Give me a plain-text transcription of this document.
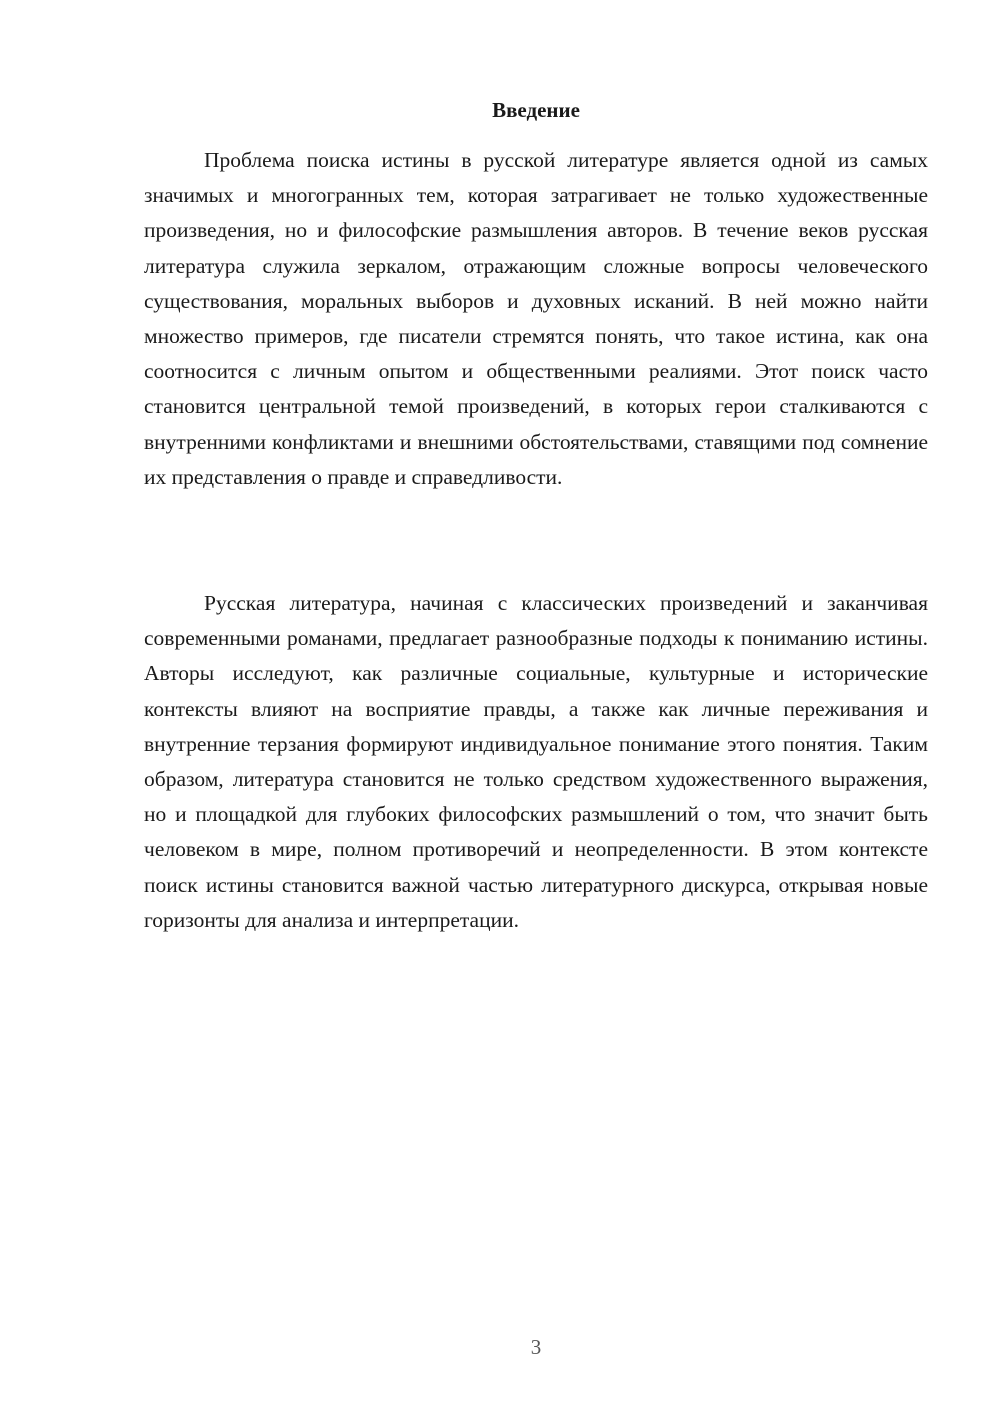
Введение

Проблема поиска истины в русской литературе является одной из самых значимых и многогранных тем, которая затрагивает не только художественные произведения, но и философские размышления авторов. В течение веков русская литература служила зеркалом, отражающим сложные вопросы человеческого существования, моральных выборов и духовных исканий. В ней можно найти множество примеров, где писатели стремятся понять, что такое истина, как она соотносится с личным опытом и общественными реалиями. Этот поиск часто становится центральной темой произведений, в которых герои сталкиваются с внутренними конфликтами и внешними обстоятельствами, ставящими под сомнение их представления о правде и справедливости.

Русская литература, начиная с классических произведений и заканчивая современными романами, предлагает разнообразные подходы к пониманию истины. Авторы исследуют, как различные социальные, культурные и исторические контексты влияют на восприятие правды, а также как личные переживания и внутренние терзания формируют индивидуальное понимание этого понятия. Таким образом, литература становится не только средством художественного выражения, но и площадкой для глубоких философских размышлений о том, что значит быть человеком в мире, полном противоречий и неопределенности. В этом контексте поиск истины становится важной частью литературного дискурса, открывая новые горизонты для анализа и интерпретации.

3
